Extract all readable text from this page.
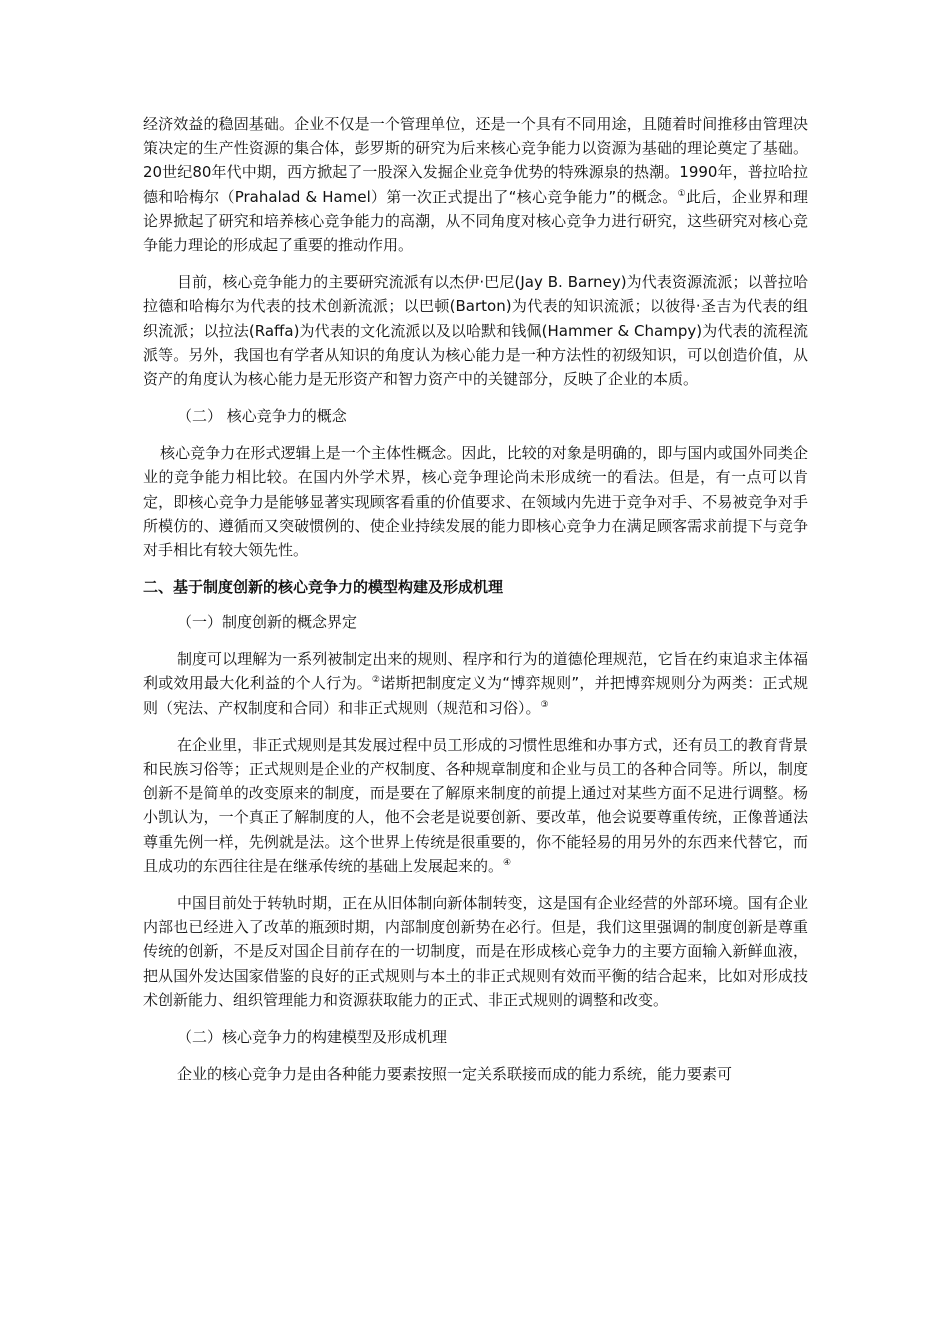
经济效益的稳固基础。企业不仅是一个管理单位，还是一个具有不同用途，且随着时间推移由管理决策决定的生产性资源的集合体，彭罗斯的研究为后来核心竞争能力以资源为基础的理论奠定了基础。20世纪80年代中期，西方掀起了一股深入发掘企业竞争优势的特殊源泉的热潮。1990年，普拉哈拉德和哈梅尔（Prahalad & Hamel）第一次正式提出了“核心竞争能力”的概念。①此后，企业界和理论界掀起了研究和培养核心竞争能力的高潮，从不同角度对核心竞争力进行研究，这些研究对核心竞争能力理论的形成起了重要的推动作用。

目前，核心竞争能力的主要研究流派有以杰伊·巴尼(Jay B. Barney)为代表资源流派；以普拉哈拉德和哈梅尔为代表的技术创新流派；以巴顿(Barton)为代表的知识流派；以彼得·圣吉为代表的组织流派；以拉法(Raffa)为代表的文化流派以及以哈默和钱佩(Hammer & Champy)为代表的流程流派等。另外，我国也有学者从知识的角度认为核心能力是一种方法性的初级知识，可以创造价值，从资产的角度认为核心能力是无形资产和智力资产中的关键部分，反映了企业的本质。

（二） 核心竞争力的概念

核心竞争力在形式逻辑上是一个主体性概念。因此，比较的对象是明确的，即与国内或国外同类企业的竞争能力相比较。在国内外学术界，核心竞争理论尚未形成统一的看法。但是，有一点可以肯定，即核心竞争力是能够显著实现顾客看重的价值要求、在领域内先进于竞争对手、不易被竞争对手所模仿的、遵循而又突破惯例的、使企业持续发展的能力即核心竞争力在满足顾客需求前提下与竞争对手相比有较大领先性。

二、基于制度创新的核心竞争力的模型构建及形成机理
（一）制度创新的概念界定

制度可以理解为一系列被制定出来的规则、程序和行为的道德伦理规范，它旨在约束追求主体福利或效用最大化利益的个人行为。②诺斯把制度定义为“博弈规则”，并把博弈规则分为两类：正式规则（宪法、产权制度和合同）和非正式规则（规范和习俗）。③

在企业里，非正式规则是其发展过程中员工形成的习惯性思维和办事方式，还有员工的教育背景和民族习俗等；正式规则是企业的产权制度、各种规章制度和企业与员工的各种合同等。所以，制度创新不是简单的改变原来的制度，而是要在了解原来制度的前提上通过对某些方面不足进行调整。杨小凯认为，一个真正了解制度的人，他不会老是说要创新、要改革，他会说要尊重传统，正像普通法尊重先例一样，先例就是法。这个世界上传统是很重要的，你不能轻易的用另外的东西来代替它，而且成功的东西往往是在继承传统的基础上发展起来的。④

中国目前处于转轨时期，正在从旧体制向新体制转变，这是国有企业经营的外部环境。国有企业内部也已经进入了改革的瓶颈时期，内部制度创新势在必行。但是，我们这里强调的制度创新是尊重传统的创新，不是反对国企目前存在的一切制度，而是在形成核心竞争力的主要方面输入新鲜血液，把从国外发达国家借鉴的良好的正式规则与本土的非正式规则有效而平衡的结合起来，比如对形成技术创新能力、组织管理能力和资源获取能力的正式、非正式规则的调整和改变。

（二）核心竞争力的构建模型及形成机理

企业的核心竞争力是由各种能力要素按照一定关系联接而成的能力系统，能力要素可
